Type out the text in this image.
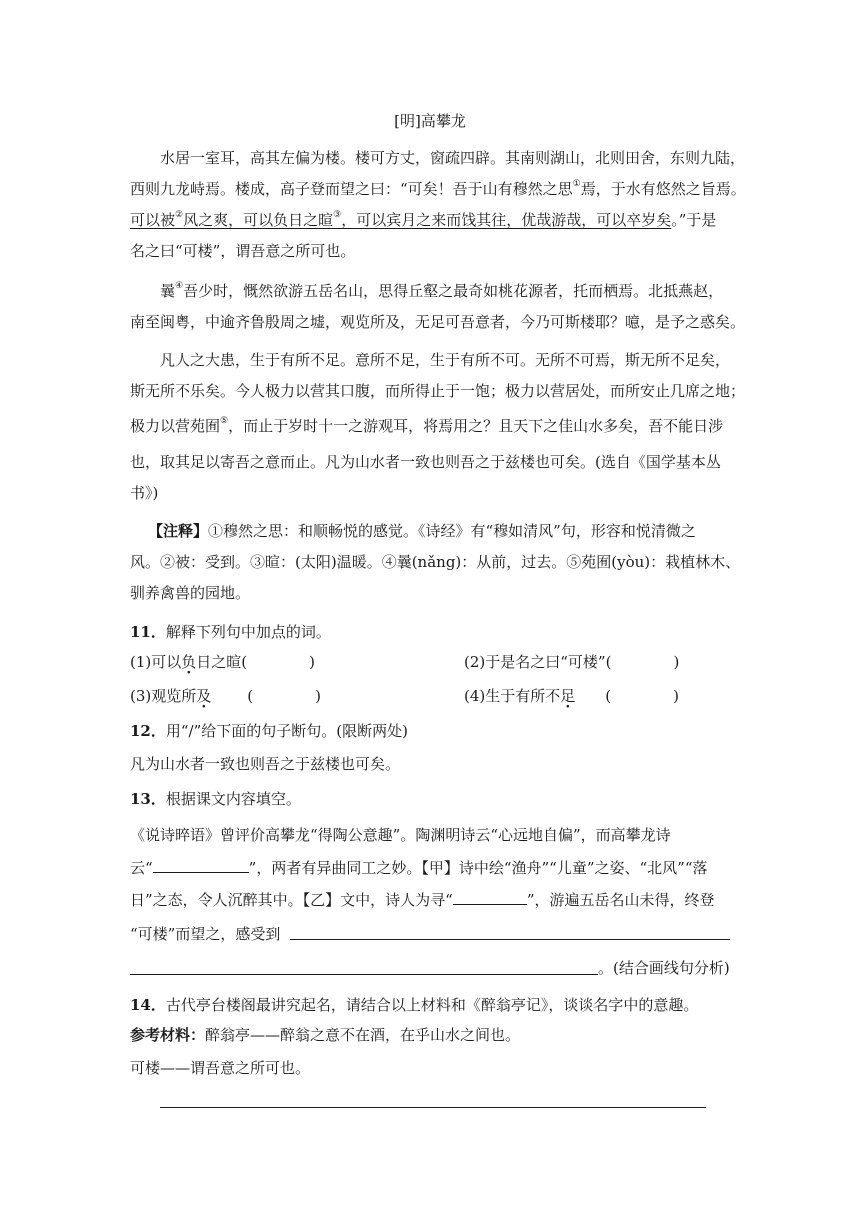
[明]高攀龙

水居一室耳，高其左偏为楼。楼可方丈，窗疏四辟。其南则湖山，北则田舍，东则九陆，

西则九龙峙焉。楼成，高子登而望之曰：“可矣！吾于山有穆然之思①焉，于水有悠然之旨焉。

可以被②风之爽，可以负日之暄③，可以宾月之来而饯其往，优哉游哉，可以卒岁矣。”于是

名之曰“可楼”，谓吾意之所可也。

曩④吾少时，慨然欲游五岳名山，思得丘壑之最奇如桃花源者，托而栖焉。北抵燕赵，

南至闽粤，中逾齐鲁殷周之墟，观览所及，无足可吾意者，今乃可斯楼耶？噫，是予之惑矣。

凡人之大患，生于有所不足。意所不足，生于有所不可。无所不可焉，斯无所不足矣，

斯无所不乐矣。今人极力以营其口腹，而所得止于一饱；极力以营居处，而所安止几席之地；

极力以营苑囿⑤，而止于岁时十一之游观耳，将焉用之？且天下之佳山水多矣，吾不能日涉

也，取其足以寄吾之意而止。凡为山水者一致也则吾之于兹楼也可矣。(选自《国学基本丛

书》)

【注释】①穆然之思：和顺畅悦的感觉。《诗经》有“穆如清风”句，形容和悦清微之

风。②被：受到。③暄：(太阳)温暖。④曩(nǎng)：从前，过去。⑤苑囿(yòu)：栽植林木、

驯养禽兽的园地。

11．解释下列句中加点的词。

(1)可以负日之暄(	)	(2)于是名之曰“可楼”(	)
(3)观览所及 (	)	(4)生于有所不足 (	)

12．用“/”给下面的句子断句。(限断两处)

凡为山水者一致也则吾之于兹楼也可矣。

13．根据课文内容填空。

《说诗晬语》曾评价高攀龙“得陶公意趣”。陶渊明诗云“心远地自偏”，而高攀龙诗

云“	”，两者有异曲同工之妙。【甲】诗中绘“渔舟”“儿童”之姿、“北风”“落

日”之态，令人沉醉其中。【乙】文中，诗人为寻“	”，游遍五岳名山未得，终登

“可楼”而望之，感受到

。(结合画线句分析)

14．古代亭台楼阁最讲究起名，请结合以上材料和《醉翁亭记》，谈谈名字中的意趣。

参考材料：醉翁亭——醉翁之意不在酒，在乎山水之间也。

可楼——谓吾意之所可也。
